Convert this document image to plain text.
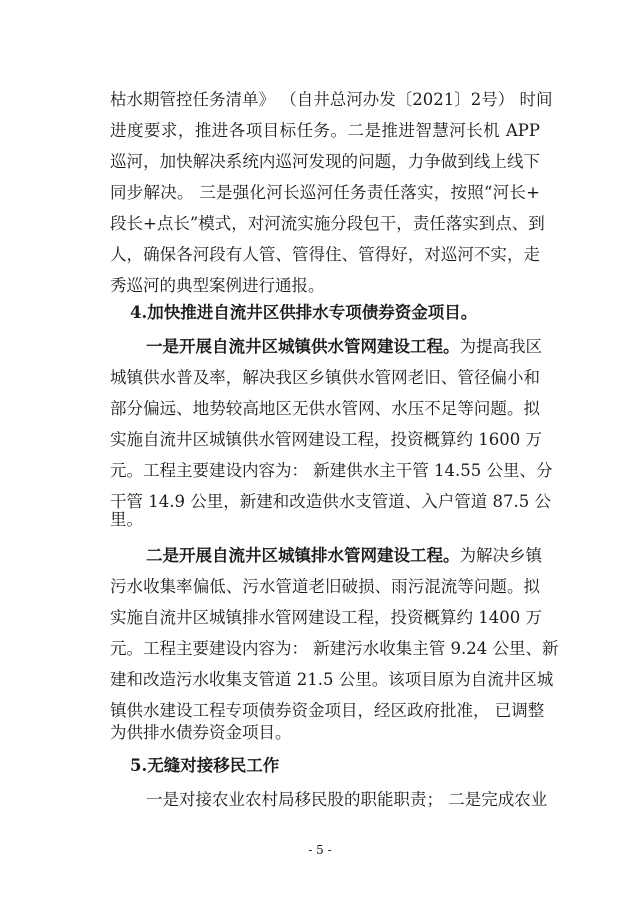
枯水期管控任务清单》 （自井总河办发〔2021〕2号） 时间
进度要求，推进各项目标任务。二是推进智慧河长机 APP
巡河，加快解决系统内巡河发现的问题，力争做到线上线下
同步解决。 三是强化河长巡河任务责任落实，按照“河长+
段长+点长”模式，对河流实施分段包干，责任落实到点、到
人，确保各河段有人管、管得住、管得好，对巡河不实，走
秀巡河的典型案例进行通报。
4.加快推进自流井区供排水专项债券资金项目。
一是开展自流井区城镇供水管网建设工程。为提高我区
城镇供水普及率，解决我区乡镇供水管网老旧、管径偏小和
部分偏远、地势较高地区无供水管网、水压不足等问题。拟
实施自流井区城镇供水管网建设工程，投资概算约 1600 万
元。工程主要建设内容为： 新建供水主干管 14.55 公里、分
干管 14.9 公里，新建和改造供水支管道、入户管道 87.5 公
里。
二是开展自流井区城镇排水管网建设工程。为解决乡镇
污水收集率偏低、污水管道老旧破损、雨污混流等问题。拟
实施自流井区城镇排水管网建设工程，投资概算约 1400 万
元。工程主要建设内容为： 新建污水收集主管 9.24 公里、新
建和改造污水收集支管道 21.5 公里。该项目原为自流井区城
镇供水建设工程专项债券资金项目，经区政府批准， 已调整
为供排水债券资金项目。
5.无缝对接移民工作
一是对接农业农村局移民股的职能职责； 二是完成农业
- 5 -
